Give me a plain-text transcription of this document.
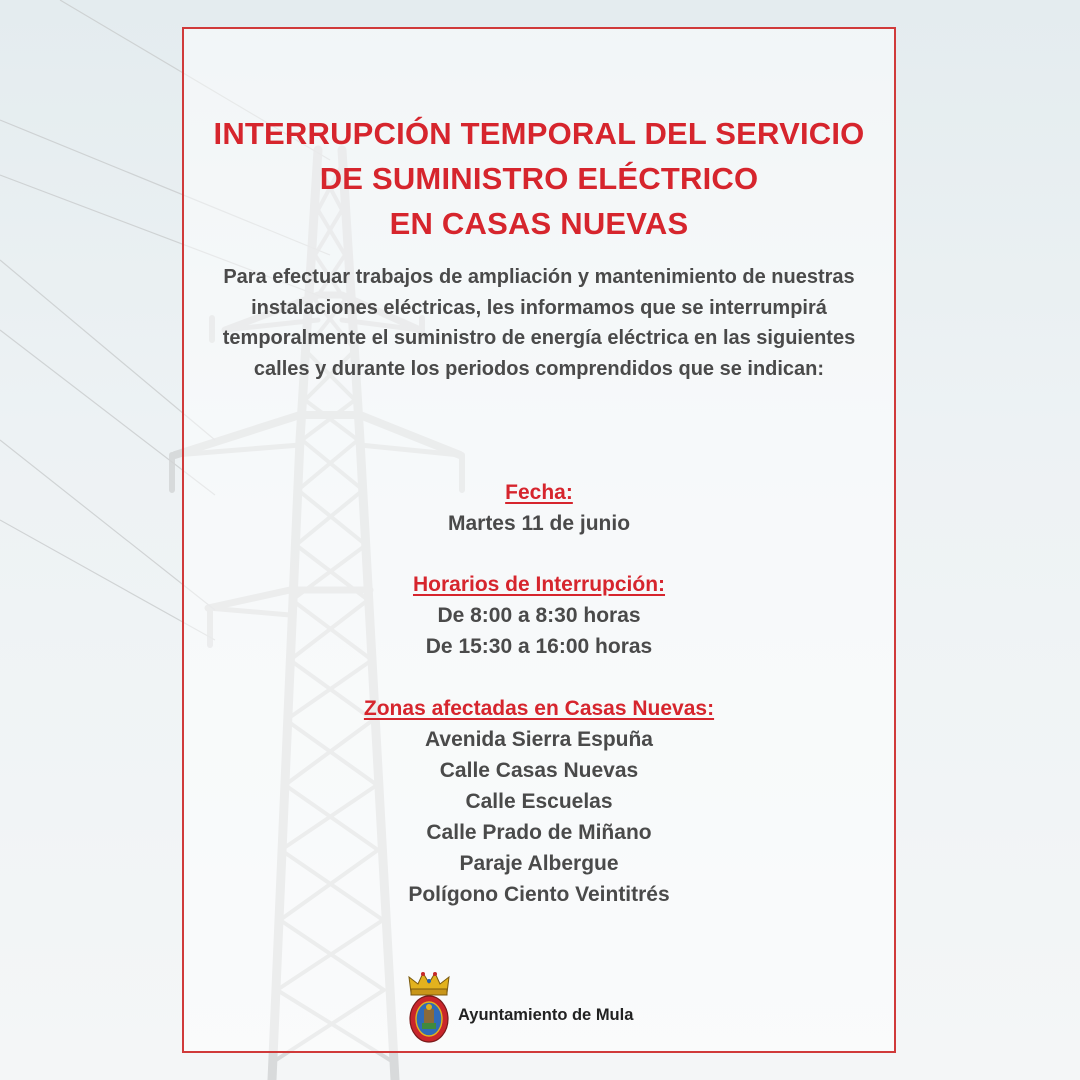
INTERRUPCIÓN TEMPORAL DEL SERVICIO
DE SUMINISTRO ELÉCTRICO
EN CASAS NUEVAS

Para efectuar trabajos de ampliación y mantenimiento de nuestras instalaciones eléctricas, les informamos que se interrumpirá temporalmente el suministro de energía eléctrica en las siguientes calles y durante los periodos comprendidos que se indican:

Fecha:
Martes 11 de junio
Horarios de Interrupción:
De 8:00 a 8:30 horas
De 15:30 a 16:00 horas
Zonas afectadas en Casas Nuevas:
Avenida Sierra Espuña
Calle Casas Nuevas
Calle Escuelas
Calle Prado de Miñano
Paraje Albergue
Polígono Ciento Veintitrés
Ayuntamiento de Mula
